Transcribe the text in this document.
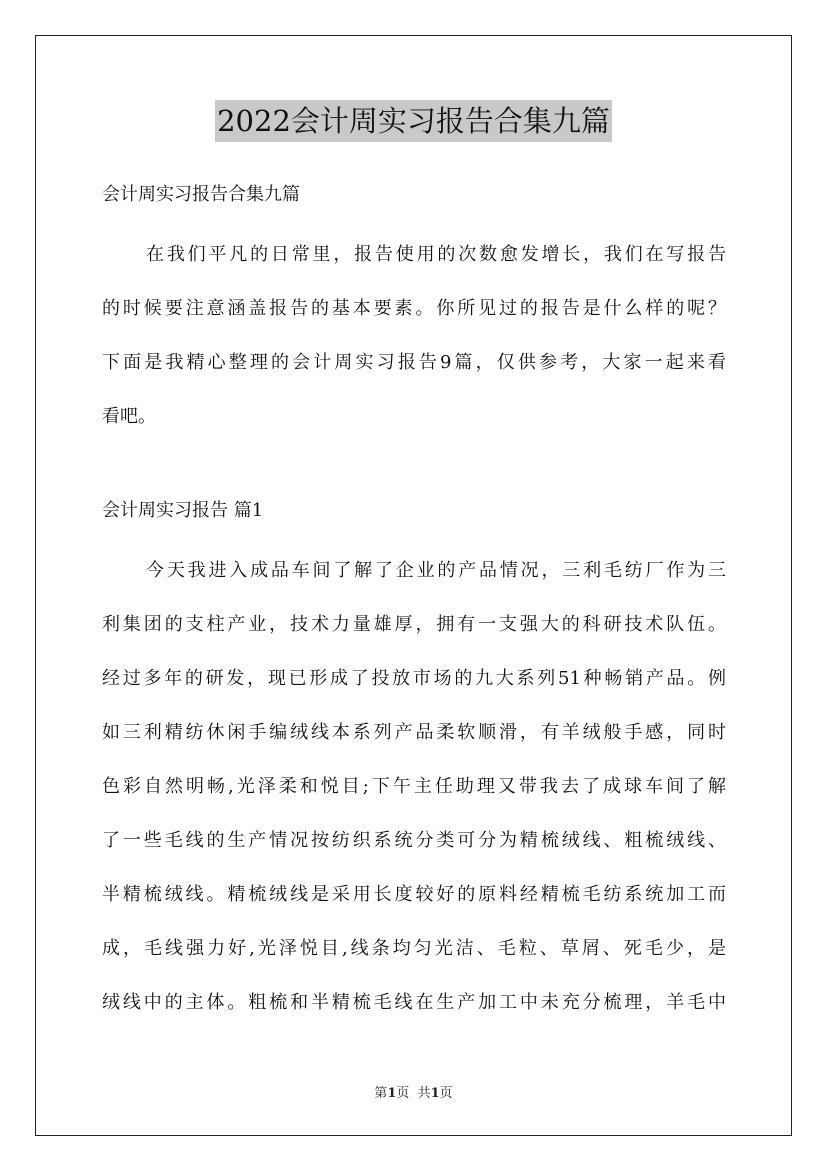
2022会计周实习报告合集九篇
会计周实习报告合集九篇
在我们平凡的日常里，报告使用的次数愈发增长，我们在写报告
的时候要注意涵盖报告的基本要素。你所见过的报告是什么样的呢？
下面是我精心整理的会计周实习报告9篇，仅供参考，大家一起来看
看吧。
会计周实习报告 篇1
今天我进入成品车间了解了企业的产品情况，三利毛纺厂作为三
利集团的支柱产业，技术力量雄厚，拥有一支强大的科研技术队伍。
经过多年的研发，现已形成了投放市场的九大系列51种畅销产品。例
如三利精纺休闲手编绒线本系列产品柔软顺滑，有羊绒般手感，同时
色彩自然明畅,光泽柔和悦目;下午主任助理又带我去了成球车间了解
了一些毛线的生产情况按纺织系统分类可分为精梳绒线、粗梳绒线、
半精梳绒线。精梳绒线是采用长度较好的原料经精梳毛纺系统加工而
成，毛线强力好,光泽悦目,线条均匀光洁、毛粒、草屑、死毛少，是
绒线中的主体。粗梳和半精梳毛线在生产加工中未充分梳理，羊毛中
第1页  共1页
